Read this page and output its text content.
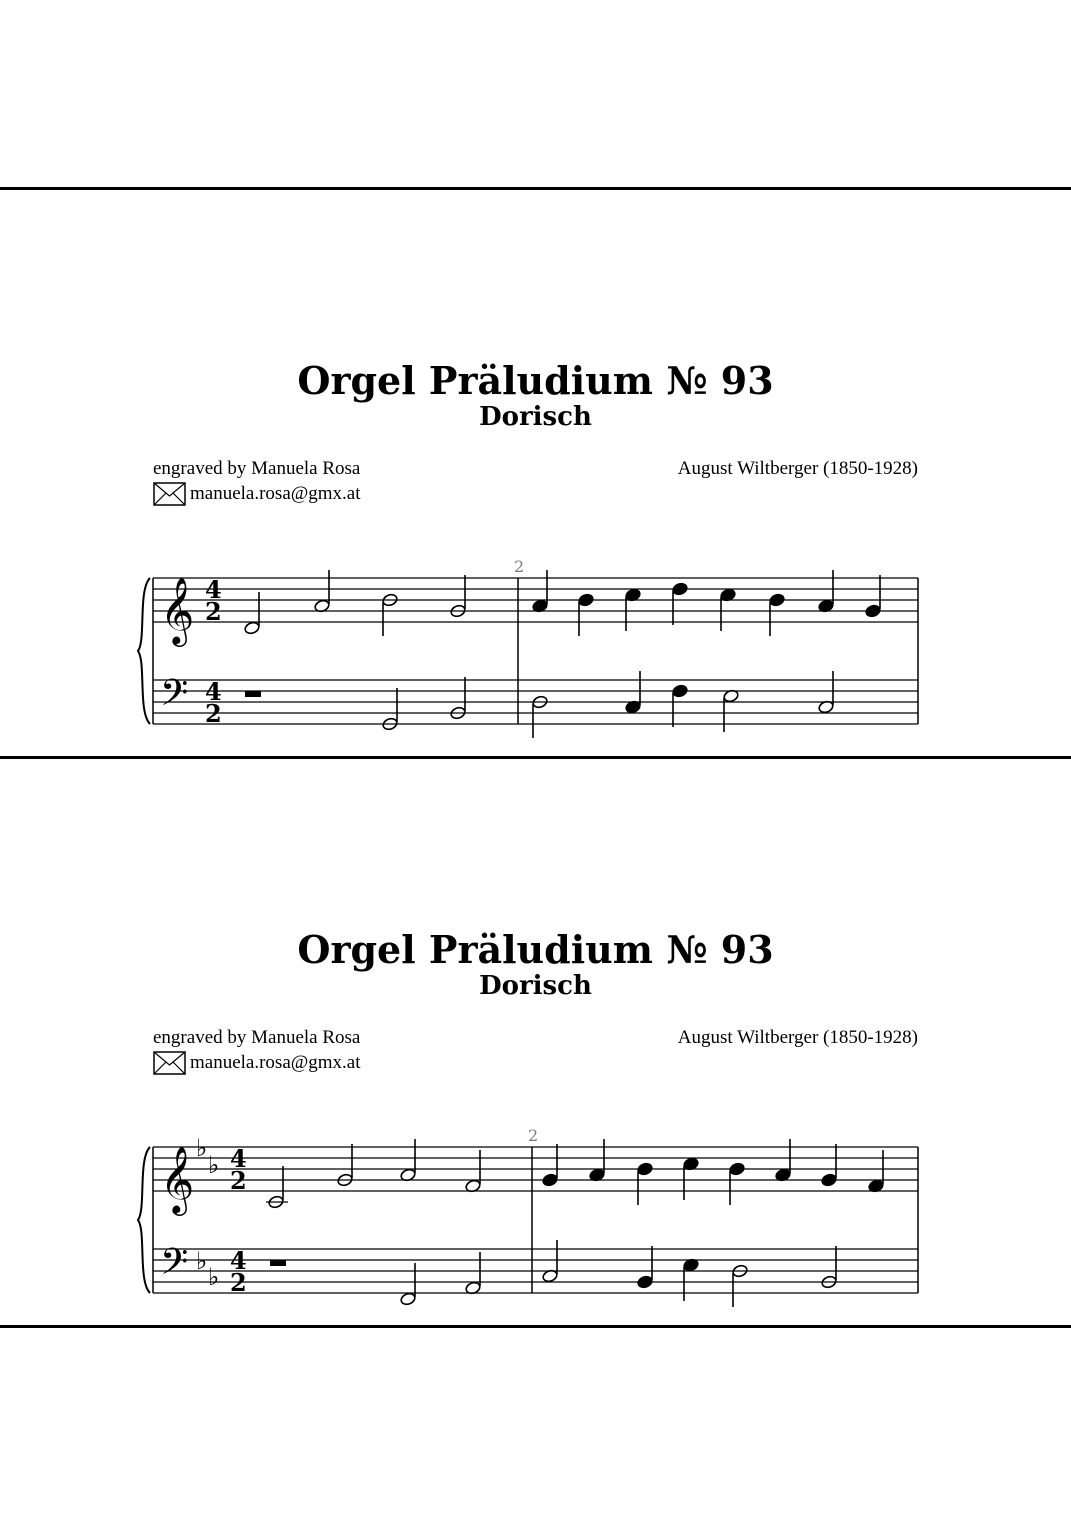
Orgel Präludium № 93
Dorisch
engraved by Manuela Rosa
manuela.rosa@gmx.at
August Wiltberger (1850-1928)
2
𝄞
𝄢
4
2
4
2
Orgel Präludium № 93
Dorisch
engraved by Manuela Rosa
manuela.rosa@gmx.at
August Wiltberger (1850-1928)
2
𝄞
𝄢
♭
♭
♭
♭
4
2
4
2
